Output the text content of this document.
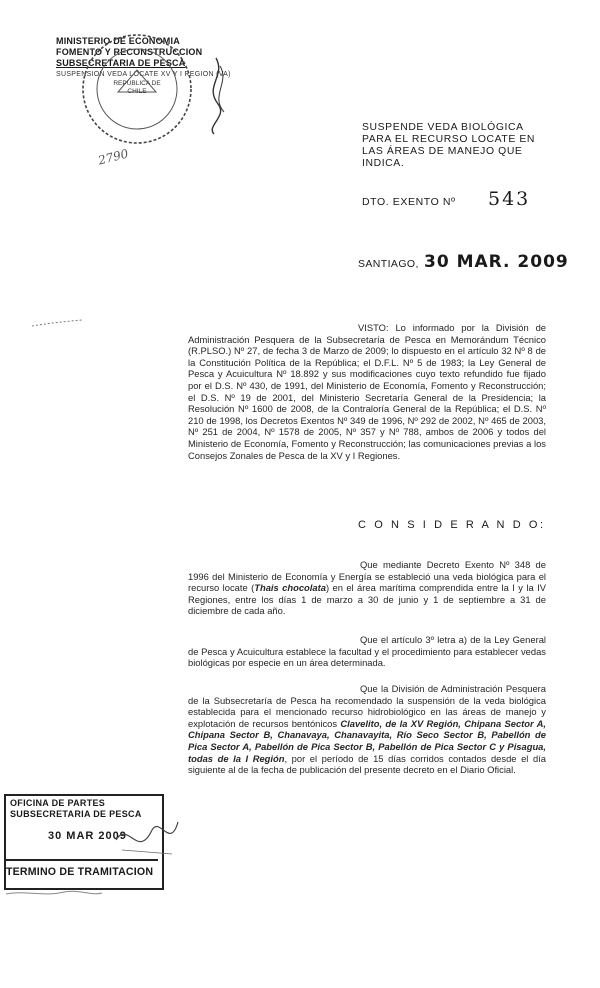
MINISTERIO DE ECONOMIA
FOMENTO Y RECONSTRUCCION
SUBSECRETARIA DE PESCA
SUSPENSION VEDA LOCATE XV Y I REGION (VA)
REPUBLICA DE CHILE
2790
SUSPENDE VEDA BIOLÓGICA
PARA EL RECURSO LOCATE EN
LAS ÁREAS DE MANEJO QUE
INDICA.
DTO. EXENTO Nº 543
SANTIAGO, 30 MAR. 2009
VISTO: Lo informado por la División de Administración Pesquera de la Subsecretaría de Pesca en Memorándum Técnico (R.PLSO.) Nº 27, de fecha 3 de Marzo de 2009; lo dispuesto en el artículo 32 Nº 8 de la Constitución Política de la República; el D.F.L. Nº 5 de 1983; la Ley General de Pesca y Acuicultura Nº 18.892 y sus modificaciones cuyo texto refundido fue fijado por el D.S. Nº 430, de 1991, del Ministerio de Economía, Fomento y Reconstrucción; el D.S. Nº 19 de 2001, del Ministerio Secretaría General de la Presidencia; la Resolución Nº 1600 de 2008, de la Contraloría General de la República; el D.S. Nº 210 de 1998, los Decretos Exentos Nº 349 de 1996, Nº 292 de 2002, Nº 465 de 2003, Nº 251 de 2004, Nº 1578 de 2005, Nº 357 y Nº 788, ambos de 2006 y todos del Ministerio de Economía, Fomento y Reconstrucción; las comunicaciones previas a los Consejos Zonales de Pesca de la XV y I Regiones.
C O N S I D E R A N D O:
Que mediante Decreto Exento Nº 348 de 1996 del Ministerio de Economía y Energía se estableció una veda biológica para el recurso locate (Thais chocolata) en el área marítima comprendida entre la I y la IV Regiones, entre los días 1 de marzo a 30 de junio y 1 de septiembre a 31 de diciembre de cada año.
Que el artículo 3º letra a) de la Ley General de Pesca y Acuicultura establece la facultad y el procedimiento para establecer vedas biológicas por especie en un área determinada.
Que la División de Administración Pesquera de la Subsecretaría de Pesca ha recomendado la suspensión de la veda biológica establecida para el mencionado recurso hidrobiológico en las áreas de manejo y explotación de recursos bentónicos Clavelito, de la XV Región, Chipana Sector A, Chipana Sector B, Chanavaya, Chanavayita, Río Seco Sector B, Pabellón de Pica Sector A, Pabellón de Pica Sector B, Pabellón de Pica Sector C y Pisagua, todas de la I Región, por el período de 15 días corridos contados desde el día siguiente al de la fecha de publicación del presente decreto en el Diario Oficial.
OFICINA DE PARTES
SUBSECRETARIA DE PESCA
30 MAR 2009
TERMINO DE TRAMITACION
